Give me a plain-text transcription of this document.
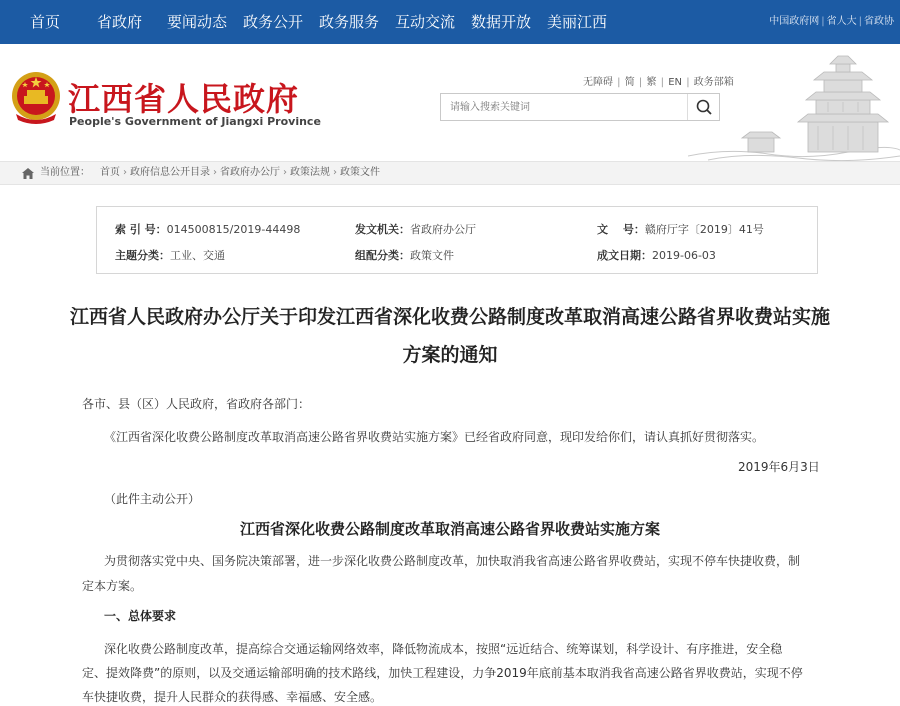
首页 省政府 要闻动态 政务公开 政务服务 互动交流 数据开放 美丽江西	中国政府网 | 省人大 | 省政协
江西省人民政府
People's Government of Jiangxi Province
无障碍 | 简 | 繁 | EN | 政务部箱
请输入搜索关键词
当前位置： 首页 › 政府信息公开目录 › 省政府办公厅 › 政策法规 › 政策文件
索 引 号：014500815/2019-44498	发文机关：省政府办公厅	文　 号：赣府厅字〔2019〕41号
主题分类：工业、交通	组配分类：政策文件	成文日期：2019-06-03
江西省人民政府办公厅关于印发江西省深化收费公路制度改革取消高速公路省界收费站实施
方案的通知
各市、县（区）人民政府，省政府各部门：
《江西省深化收费公路制度改革取消高速公路省界收费站实施方案》已经省政府同意，现印发给你们，请认真抓好贯彻落实。
2019年6月3日
（此件主动公开）
江西省深化收费公路制度改革取消高速公路省界收费站实施方案
为贯彻落实党中央、国务院决策部署，进一步深化收费公路制度改革，加快取消我省高速公路省界收费站，实现不停车快捷收费，制
定本方案。
一、总体要求
深化收费公路制度改革，提高综合交通运输网络效率，降低物流成本，按照“远近结合、统筹谋划，科学设计、有序推进，安全稳
定、提效降费”的原则，以及交通运输部明确的技术路线，加快工程建设，力争2019年底前基本取消我省高速公路省界收费站，实现不停
车快捷收费，提升人民群众的获得感、幸福感、安全感。
